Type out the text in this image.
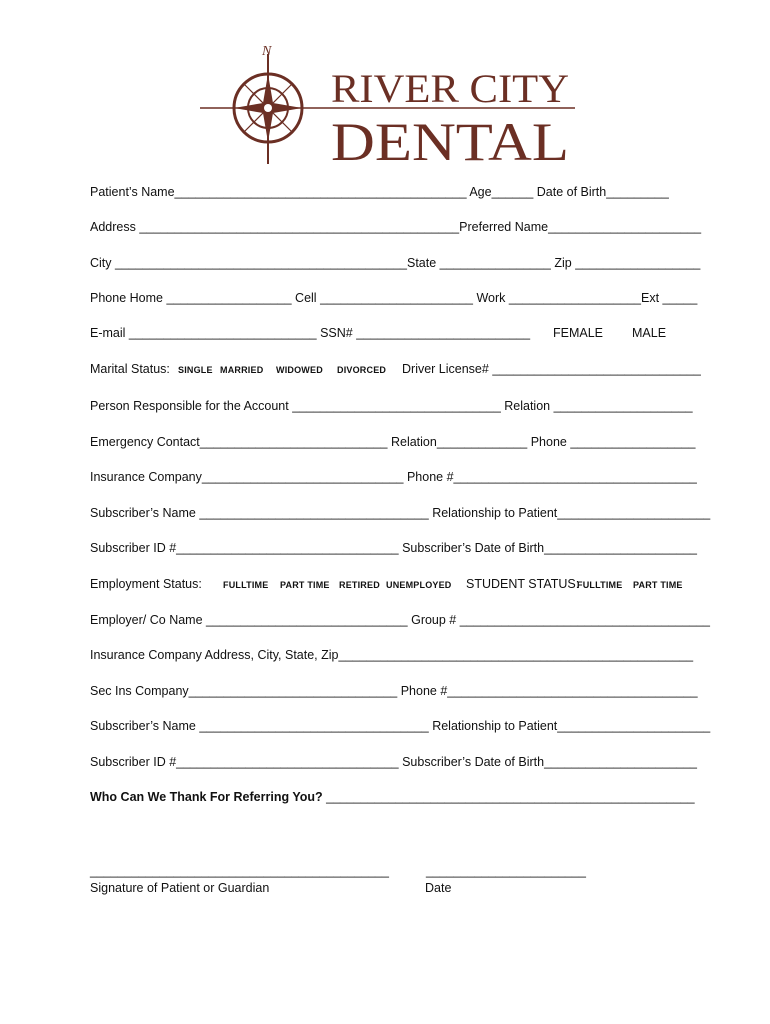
N
RIVER CITY
DENTAL
Patient’s Name__________________________________________ Age______ Date of Birth_________
Address ______________________________________________Preferred Name______________________
City __________________________________________State ________________ Zip __________________
Phone Home __________________ Cell ______________________ Work ___________________Ext _____
E-mail ___________________________ SSN# _________________________ FEMALE MALE
Marital Status: SINGLE MARRIED WIDOWED DIVORCED Driver License# ______________________________
Person Responsible for the Account ______________________________ Relation ____________________
Emergency Contact___________________________ Relation_____________ Phone __________________
Insurance Company_____________________________ Phone #___________________________________
Subscriber’s Name _________________________________ Relationship to Patient______________________
Subscriber ID #________________________________ Subscriber’s Date of Birth______________________
Employment Status: FULLTIME PART TIME RETIRED UNEMPLOYED STUDENT STATUS:
FULLTIME PART TIME
Employer/ Co Name _____________________________ Group # ____________________________________
Insurance Company Address, City, State, Zip___________________________________________________
Sec Ins Company______________________________ Phone #____________________________________
Subscriber’s Name _________________________________ Relationship to Patient______________________
Subscriber ID #________________________________ Subscriber’s Date of Birth______________________
Who Can We Thank For Referring You? _____________________________________________________
___________________________________________	_______________________
Signature of Patient or Guardian	Date
